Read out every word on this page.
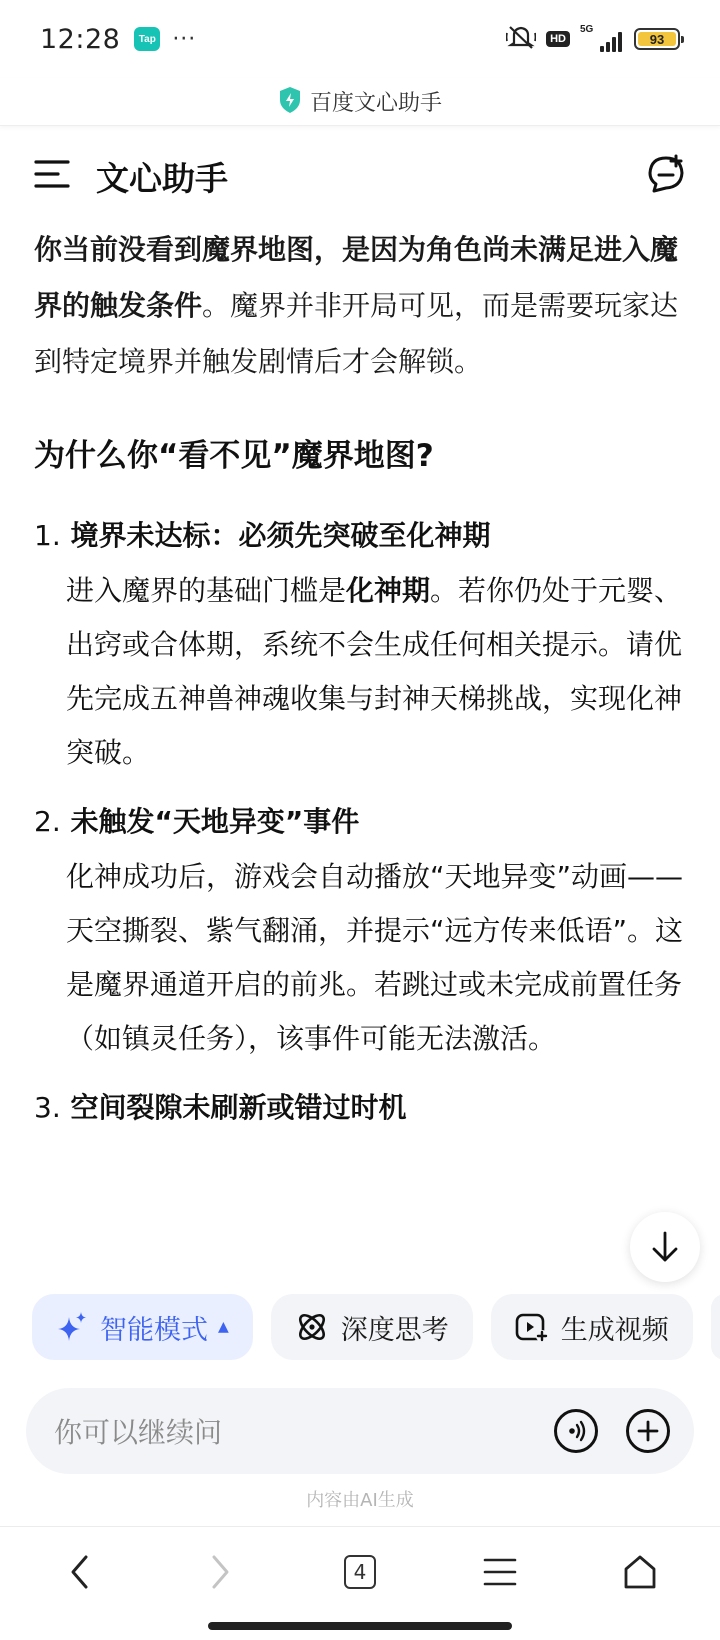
12:28	Tap ···	HD
5G
93
百度文心助手
文心助手

你当前没看到魔界地图，是因为角色尚未满足进入魔界的触发条件。魔界并非开局可见，而是需要玩家达到特定境界并触发剧情后才会解锁。

为什么你“看不见”魔界地图?
1. 境界未达标：必须先突破至化神期
进入魔界的基础门槛是化神期。若你仍处于元婴、出窍或合体期，系统不会生成任何相关提示。请优先完成五神兽神魂收集与封神天梯挑战，实现化神突破。
2. 未触发“天地异变”事件
化神成功后，游戏会自动播放“天地异变”动画——天空撕裂、紫气翻涌，并提示“远方传来低语”。这是魔界通道开启的前兆。若跳过或未完成前置任务（如镇灵任务），该事件可能无法激活。
3. 空间裂隙未刷新或错过时机
智能模式 ▲	深度思考	生成视频
你可以继续问
内容由AI生成
4
